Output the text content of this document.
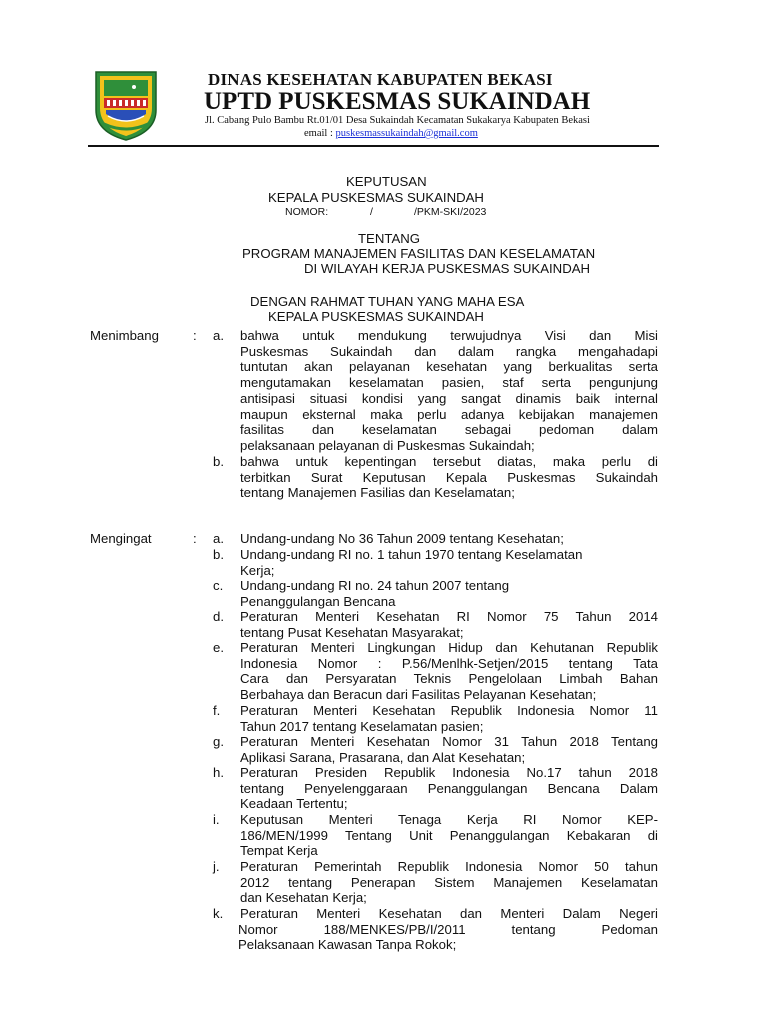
DINAS KESEHATAN KABUPATEN BEKASI
UPTD PUSKESMAS SUKAINDAH
Jl. Cabang Pulo Bambu Rt.01/01 Desa Sukaindah Kecamatan Sukakarya Kabupaten Bekasi
email : puskesmassukaindah@gmail.com
KEPUTUSAN
KEPALA PUSKESMAS SUKAINDAH
NOMOR:	/	/PKM-SKI/2023
TENTANG
PROGRAM MANAJEMEN FASILITAS DAN KESELAMATAN
DI WILAYAH KERJA PUSKESMAS SUKAINDAH
DENGAN RAHMAT TUHAN YANG MAHA ESA
KEPALA PUSKESMAS SUKAINDAH
Menimbang	: a. bahwa untuk mendukung terwujudnya Visi dan Misi
Puskesmas Sukaindah dan dalam rangka mengahadapi
tuntutan akan pelayanan kesehatan yang berkualitas serta
mengutamakan keselamatan pasien, staf serta pengunjung
antisipasi situasi kondisi yang sangat dinamis baik internal
maupun eksternal maka perlu adanya kebijakan manajemen
fasilitas dan keselamatan sebagai pedoman dalam
pelaksanaan pelayanan di Puskesmas Sukaindah;
b. bahwa untuk kepentingan tersebut diatas, maka perlu di
terbitkan Surat Keputusan Kepala Puskesmas Sukaindah
tentang Manajemen Fasilias dan Keselamatan;
Mengingat	: a. Undang-undang No 36 Tahun 2009 tentang Kesehatan;
b. Undang-undang RI no. 1 tahun 1970 tentang Keselamatan
Kerja;
c. Undang-undang RI no. 24 tahun 2007 tentang
Penanggulangan Bencana
d. Peraturan Menteri Kesehatan RI Nomor 75 Tahun 2014
tentang Pusat Kesehatan Masyarakat;
e. Peraturan Menteri Lingkungan Hidup dan Kehutanan Republik
Indonesia Nomor : P.56/Menlhk-Setjen/2015 tentang Tata
Cara dan Persyaratan Teknis Pengelolaan Limbah Bahan
Berbahaya dan Beracun dari Fasilitas Pelayanan Kesehatan;
f. Peraturan Menteri Kesehatan Republik Indonesia Nomor 11
Tahun 2017 tentang Keselamatan pasien;
g. Peraturan Menteri Kesehatan Nomor 31 Tahun 2018 Tentang
Aplikasi Sarana, Prasarana, dan Alat Kesehatan;
h. Peraturan Presiden Republik Indonesia No.17 tahun 2018
tentang Penyelenggaraan Penanggulangan Bencana Dalam
Keadaan Tertentu;
i. Keputusan Menteri Tenaga Kerja RI Nomor KEP-
186/MEN/1999 Tentang Unit Penanggulangan Kebakaran di
Tempat Kerja
j. Peraturan Pemerintah Republik Indonesia Nomor 50 tahun
2012 tentang Penerapan Sistem Manajemen Keselamatan
dan Kesehatan Kerja;
k. Peraturan Menteri Kesehatan dan Menteri Dalam Negeri
Nomor 188/MENKES/PB/I/2011 tentang Pedoman
Pelaksanaan Kawasan Tanpa Rokok;
